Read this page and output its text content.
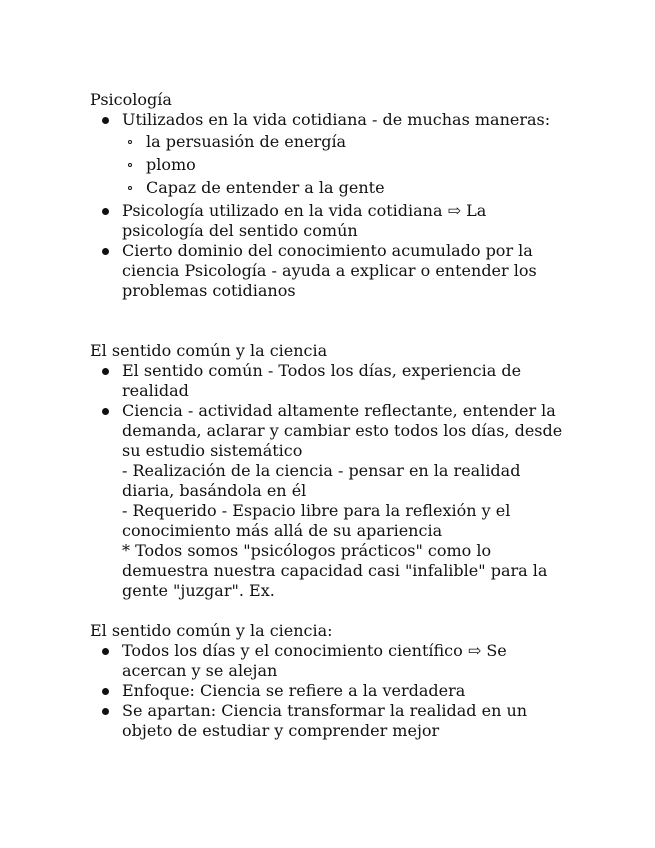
Psicología

Utilizados en la vida cotidiana - de muchas maneras:
la persuasión de energía
plomo
Capaz de entender a la gente
Psicología utilizado en la vida cotidiana ⇨ La psicología del sentido común
Cierto dominio del conocimiento acumulado por la ciencia Psicología - ayuda a explicar o entender los problemas cotidianos

El sentido común y la ciencia

El sentido común - Todos los días, experiencia de realidad
Ciencia - actividad altamente reflectante, entender la demanda, aclarar y cambiar esto todos los días, desde su estudio sistemático
- Realización de la ciencia - pensar en la realidad diaria, basándola en él
- Requerido - Espacio libre para la reflexión y el conocimiento más allá de su apariencia
* Todos somos "psicólogos prácticos" como lo demuestra nuestra capacidad casi "infalible" para la gente "juzgar". Ex.

El sentido común y la ciencia:

Todos los días y el conocimiento científico ⇨ Se acercan y se alejan
Enfoque: Ciencia se refiere a la verdadera
Se apartan: Ciencia transformar la realidad en un objeto de estudiar y comprender mejor
